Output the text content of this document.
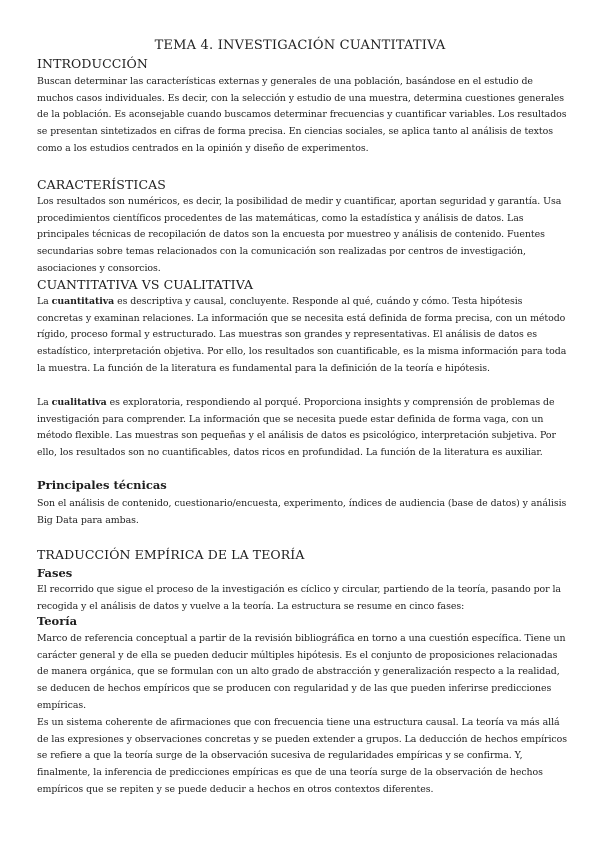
TEMA 4. INVESTIGACIÓN CUANTITATIVA
INTRODUCCIÓN
Buscan determinar las características externas y generales de una población, basándose en el estudio de muchos casos individuales. Es decir, con la selección y estudio de una muestra, determina cuestiones generales de la población. Es aconsejable cuando buscamos determinar frecuencias y cuantificar variables. Los resultados se presentan sintetizados en cifras de forma precisa. En ciencias sociales, se aplica tanto al análisis de textos como a los estudios centrados en la opinión y diseño de experimentos.
CARACTERÍSTICAS
Los resultados son numéricos, es decir, la posibilidad de medir y cuantificar, aportan seguridad y garantía. Usa procedimientos científicos procedentes de las matemáticas, como la estadística y análisis de datos. Las principales técnicas de recopilación de datos son la encuesta por muestreo y análisis de contenido. Fuentes secundarias sobre temas relacionados con la comunicación son realizadas por centros de investigación, asociaciones y consorcios.
CUANTITATIVA VS CUALITATIVA
La cuantitativa es descriptiva y causal, concluyente. Responde al qué, cuándo y cómo. Testa hipótesis concretas y examinan relaciones. La información que se necesita está definida de forma precisa, con un método rígido, proceso formal y estructurado. Las muestras son grandes y representativas. El análisis de datos es estadístico, interpretación objetiva. Por ello, los resultados son cuantificable, es la misma información para toda la muestra. La función de la literatura es fundamental para la definición de la teoría e hipótesis.
La cualitativa es exploratoria, respondiendo al porqué. Proporciona insights y comprensión de problemas de investigación para comprender. La información que se necesita puede estar definida de forma vaga, con un método flexible. Las muestras son pequeñas y el análisis de datos es psicológico, interpretación subjetiva. Por ello, los resultados son no cuantificables, datos ricos en profundidad. La función de la literatura es auxiliar.
Principales técnicas
Son el análisis de contenido, cuestionario/encuesta, experimento, índices de audiencia (base de datos) y análisis Big Data para ambas.
TRADUCCIÓN EMPÍRICA DE LA TEORÍA
Fases
El recorrido que sigue el proceso de la investigación es cíclico y circular, partiendo de la teoría, pasando por la recogida y el análisis de datos y vuelve a la teoría. La estructura se resume en cinco fases:
Teoría
Marco de referencia conceptual a partir de la revisión bibliográfica en torno a una cuestión específica. Tiene un carácter general y de ella se pueden deducir múltiples hipótesis. Es el conjunto de proposiciones relacionadas de manera orgánica, que se formulan con un alto grado de abstracción y generalización respecto a la realidad, se deducen de hechos empíricos que se producen con regularidad y de las que pueden inferirse predicciones empíricas.
Es un sistema coherente de afirmaciones que con frecuencia tiene una estructura causal. La teoría va más allá de las expresiones y observaciones concretas y se pueden extender a grupos. La deducción de hechos empíricos se refiere a que la teoría surge de la observación sucesiva de regularidades empíricas y se confirma. Y, finalmente, la inferencia de predicciones empíricas es que de una teoría surge de la observación de hechos empíricos que se repiten y se puede deducir a hechos en otros contextos diferentes.
